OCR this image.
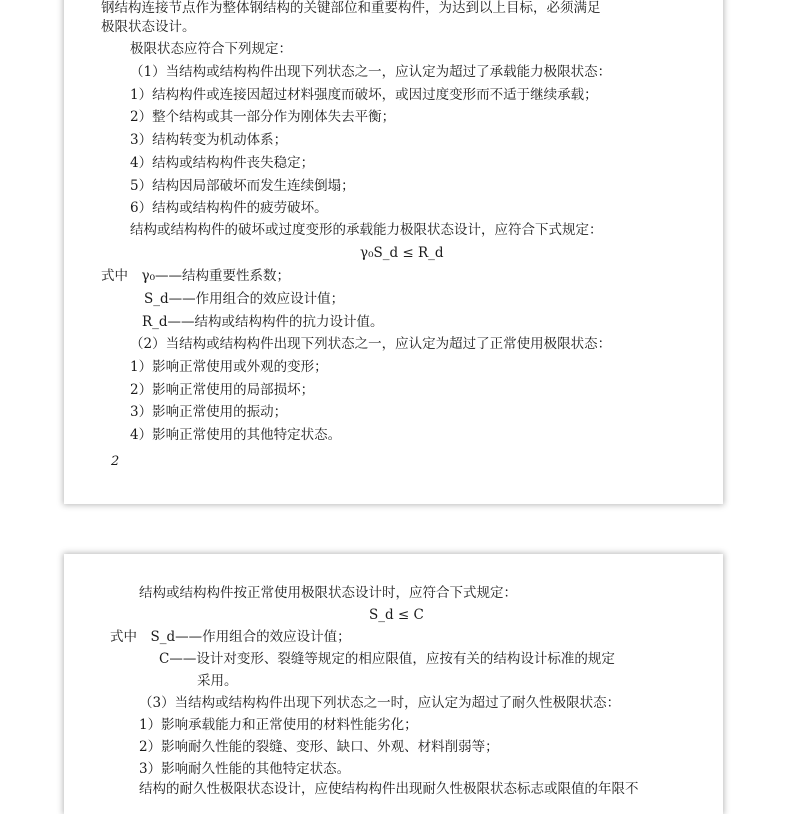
钢结构连接节点作为整体钢结构的关键部位和重要构件，为达到以上目标，必须满足
极限状态设计。
极限状态应符合下列规定：
（1）当结构或结构构件出现下列状态之一，应认定为超过了承载能力极限状态：
1）结构构件或连接因超过材料强度而破坏，或因过度变形而不适于继续承载；
2）整个结构或其一部分作为刚体失去平衡；
3）结构转变为机动体系；
4）结构或结构构件丧失稳定；
5）结构因局部破坏而发生连续倒塌；
6）结构或结构构件的疲劳破坏。
结构或结构构件的破坏或过度变形的承载能力极限状态设计，应符合下式规定：
γ₀S_d ≤ R_d
式中　γ₀——结构重要性系数；
S_d——作用组合的效应设计值；
R_d——结构或结构构件的抗力设计值。
（2）当结构或结构构件出现下列状态之一，应认定为超过了正常使用极限状态：
1）影响正常使用或外观的变形；
2）影响正常使用的局部损坏；
3）影响正常使用的振动；
4）影响正常使用的其他特定状态。
2
结构或结构构件按正常使用极限状态设计时，应符合下式规定：
S_d ≤ C
式中　S_d——作用组合的效应设计值；
C——设计对变形、裂缝等规定的相应限值，应按有关的结构设计标准的规定
采用。
（3）当结构或结构构件出现下列状态之一时，应认定为超过了耐久性极限状态：
1）影响承载能力和正常使用的材料性能劣化；
2）影响耐久性能的裂缝、变形、缺口、外观、材料削弱等；
3）影响耐久性能的其他特定状态。
结构的耐久性极限状态设计，应使结构构件出现耐久性极限状态标志或限值的年限不
